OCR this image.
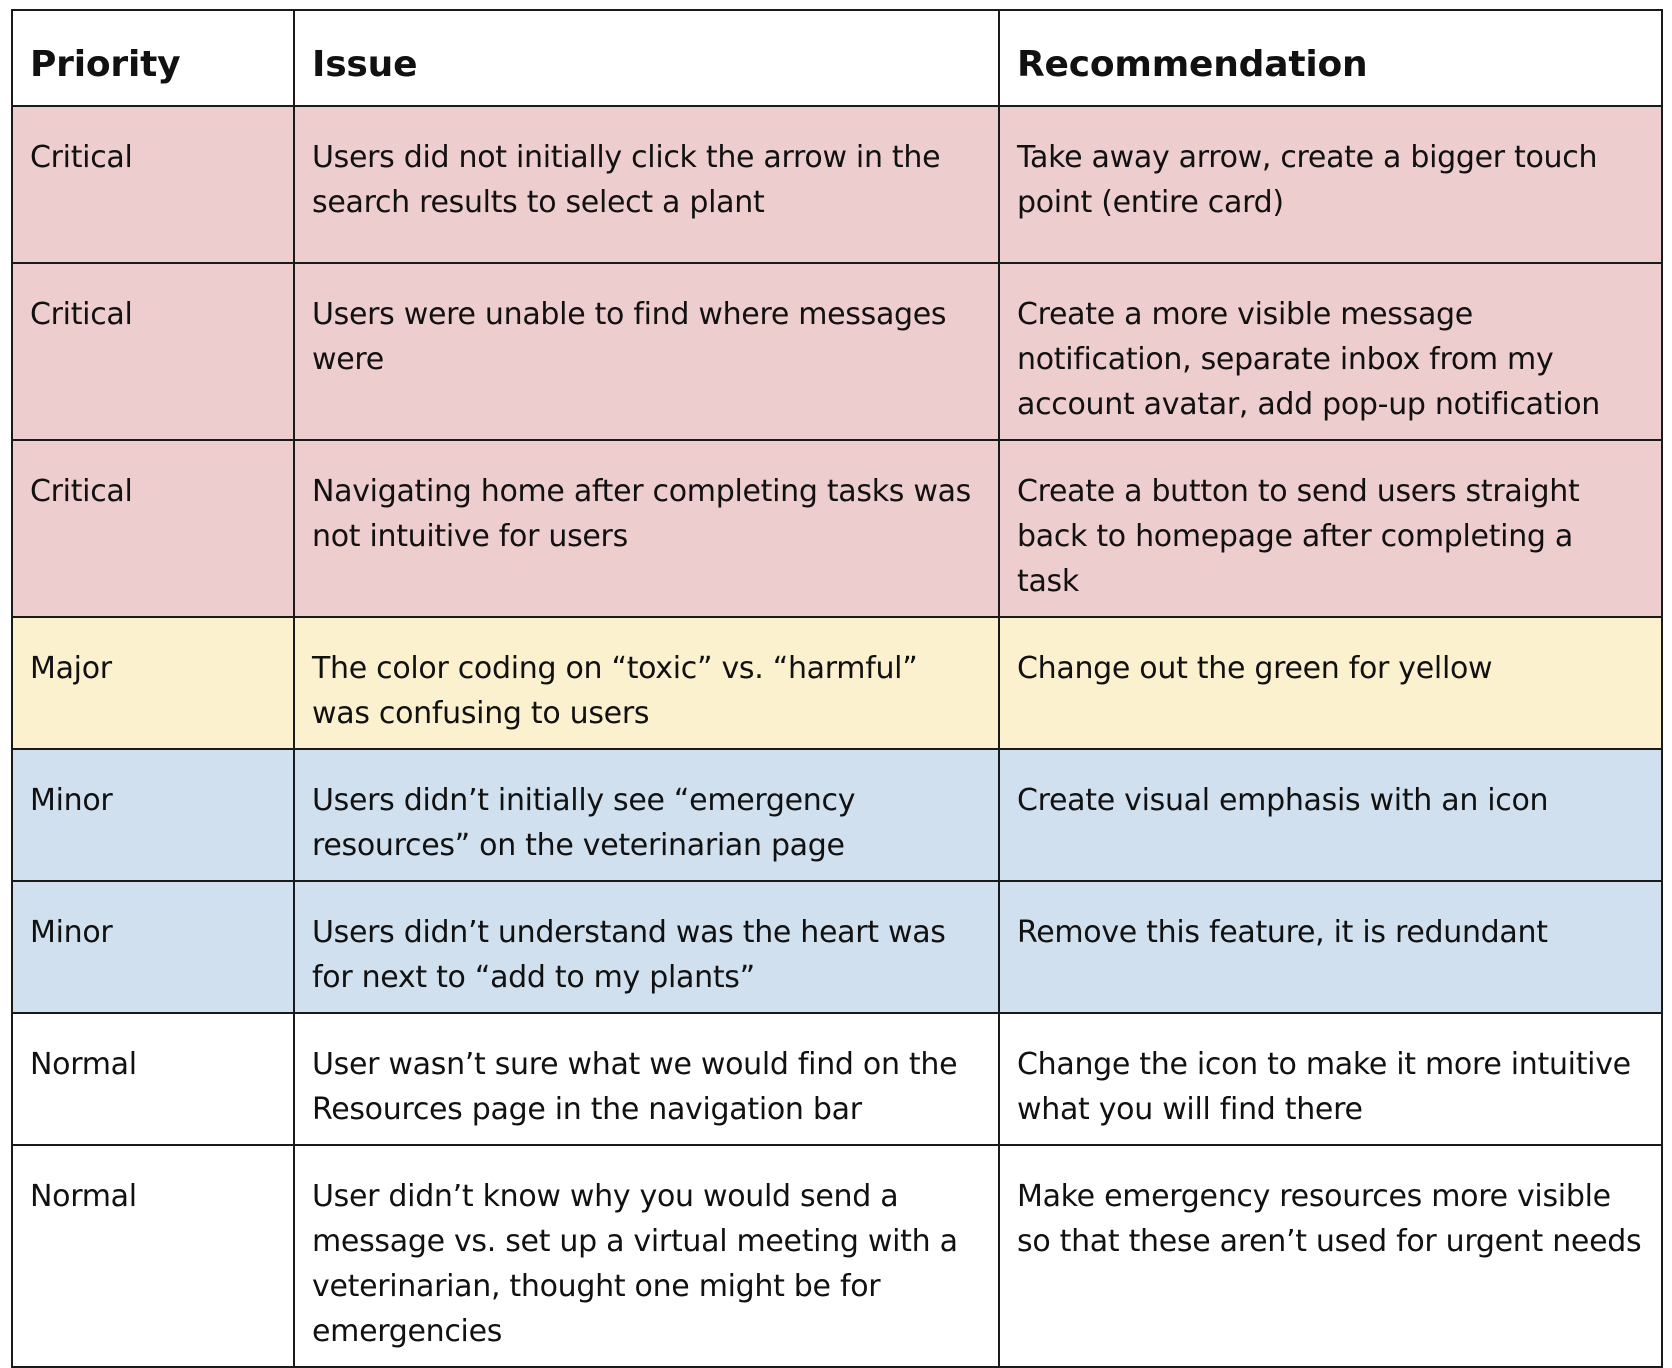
Priority	Issue	Recommendation
Critical	Users did not initially click the arrow in the search results to select a plant	Take away arrow, create a bigger touch point (entire card)
Critical	Users were unable to find where messages were	Create a more visible message notification, separate inbox from my account avatar, add pop-up notification
Critical	Navigating home after completing tasks was not intuitive for users	Create a button to send users straight back to homepage after completing a task
Major	The color coding on “toxic” vs. “harmful” was confusing to users	Change out the green for yellow
Minor	Users didn’t initially see “emergency resources” on the veterinarian page	Create visual emphasis with an icon
Minor	Users didn’t understand was the heart was for next to “add to my plants”	Remove this feature, it is redundant
Normal	User wasn’t sure what we would find on the Resources page in the navigation bar	Change the icon to make it more intuitive what you will find there
Normal	User didn’t know why you would send a message vs. set up a virtual meeting with a veterinarian, thought one might be for emergencies	Make emergency resources more visible so that these aren’t used for urgent needs
